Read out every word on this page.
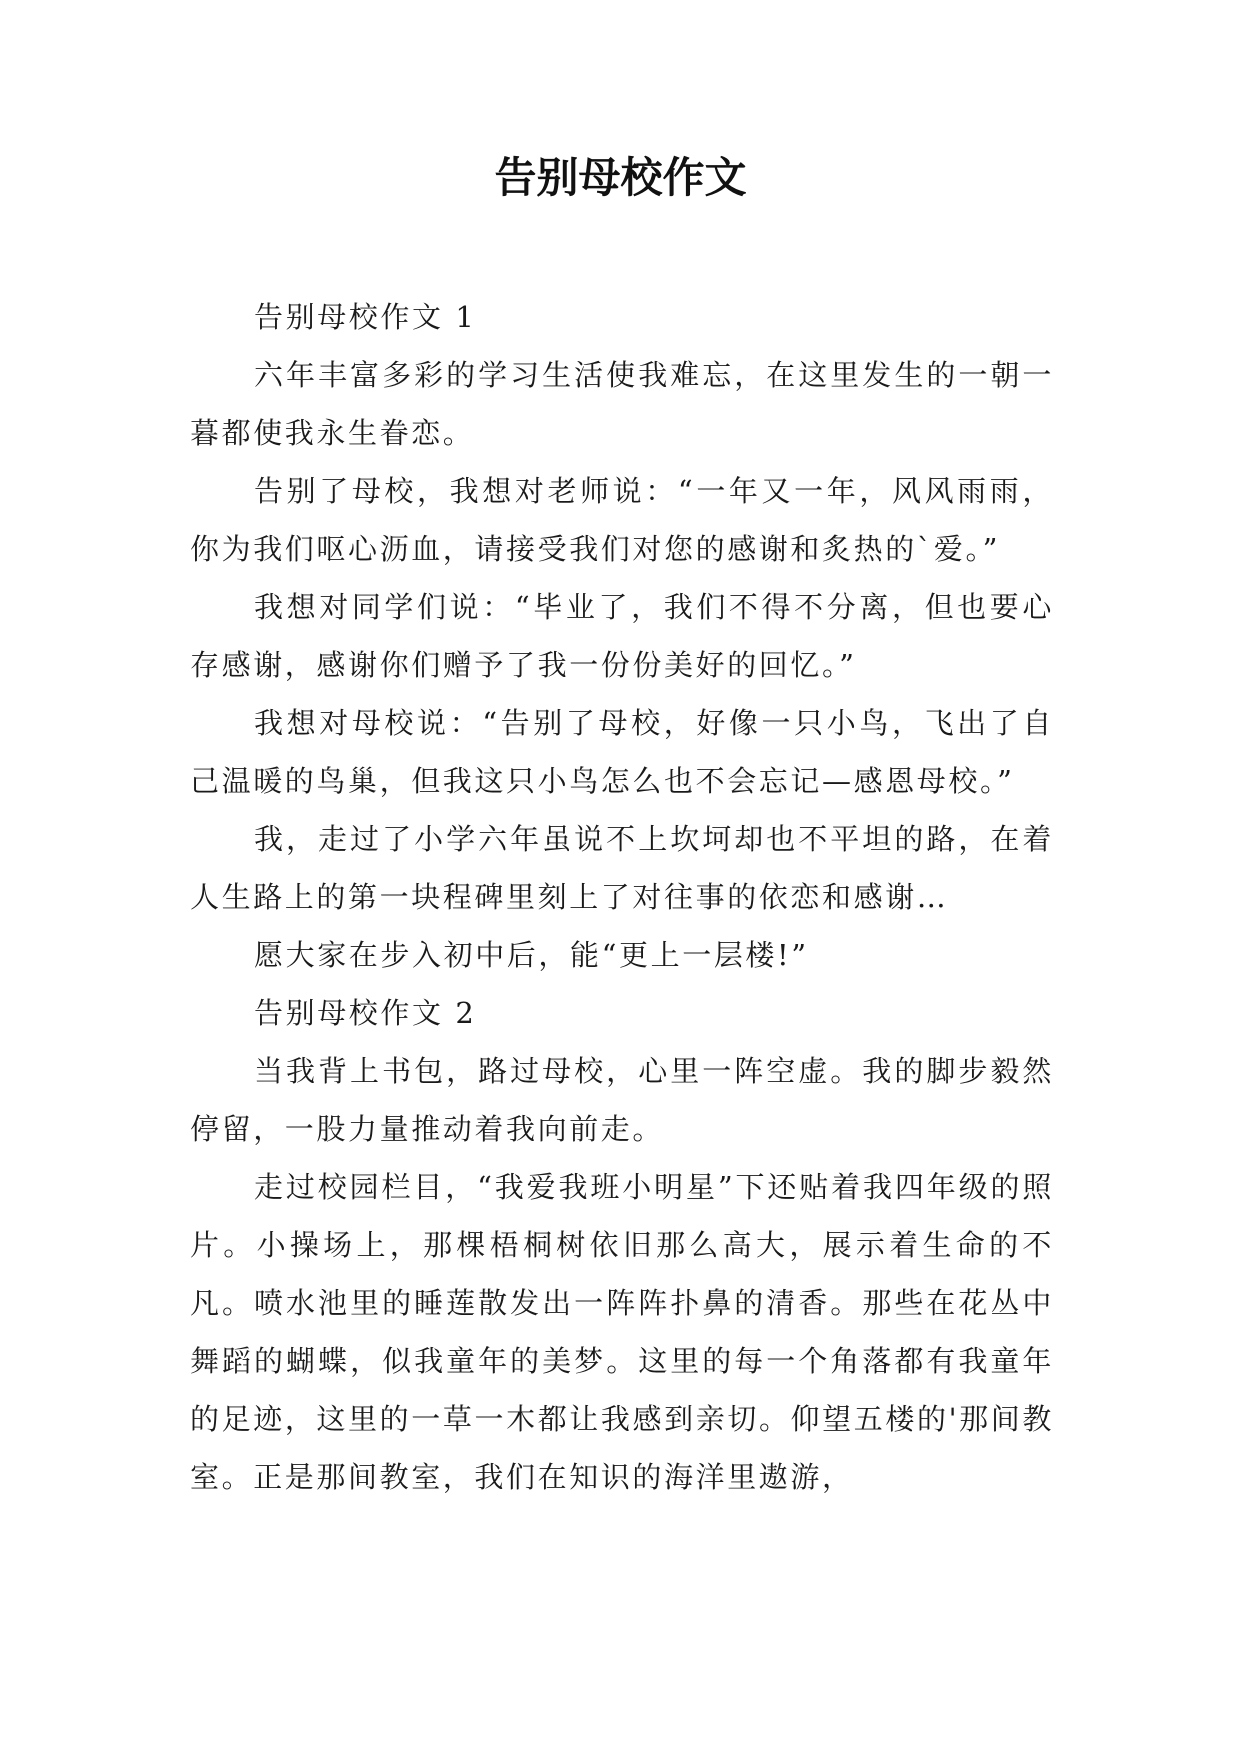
告别母校作文

告别母校作文 1

六年丰富多彩的学习生活使我难忘，在这里发生的一朝一暮都使我永生眷恋。

告别了母校，我想对老师说：“一年又一年，风风雨雨，你为我们呕心沥血，请接受我们对您的感谢和炙热的`爱。”

我想对同学们说：“毕业了，我们不得不分离，但也要心存感谢，感谢你们赠予了我一份份美好的回忆。”

我想对母校说：“告别了母校，好像一只小鸟，飞出了自己温暖的鸟巢，但我这只小鸟怎么也不会忘记—感恩母校。”

我，走过了小学六年虽说不上坎坷却也不平坦的路，在着人生路上的第一块程碑里刻上了对往事的依恋和感谢…

愿大家在步入初中后，能“更上一层楼!”

告别母校作文 2

当我背上书包，路过母校，心里一阵空虚。我的脚步毅然停留，一股力量推动着我向前走。

走过校园栏目，“我爱我班小明星”下还贴着我四年级的照片。小操场上，那棵梧桐树依旧那么高大，展示着生命的不凡。喷水池里的睡莲散发出一阵阵扑鼻的清香。那些在花丛中舞蹈的蝴蝶，似我童年的美梦。这里的每一个角落都有我童年的足迹，这里的一草一木都让我感到亲切。仰望五楼的'那间教室。正是那间教室，我们在知识的海洋里遨游，
